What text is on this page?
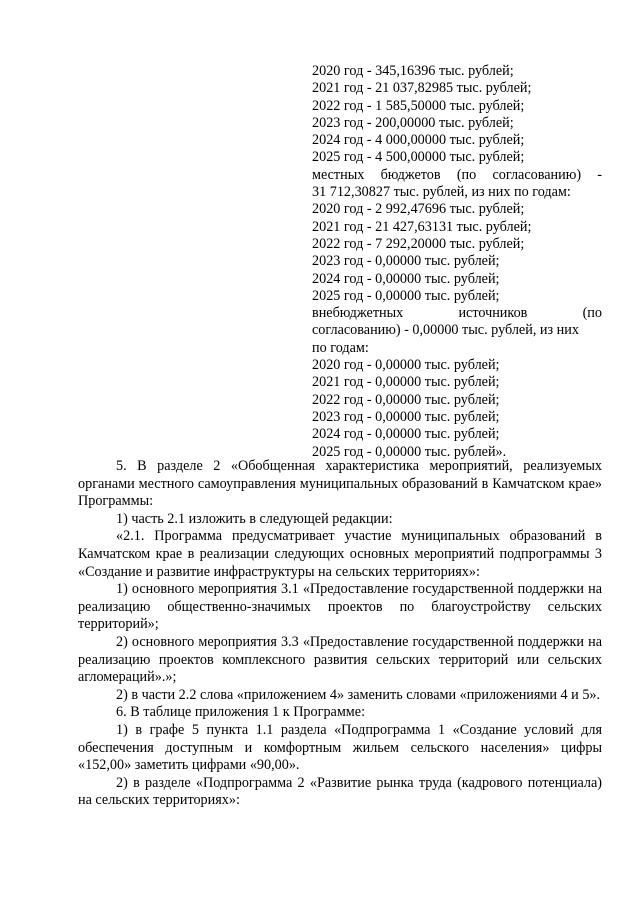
2020 год - 345,16396 тыс. рублей;
2021 год - 21 037,82985 тыс. рублей;
2022 год - 1 585,50000 тыс. рублей;
2023 год - 200,00000 тыс. рублей;
2024 год - 4 000,00000 тыс. рублей;
2025 год - 4 500,00000 тыс. рублей;
местных бюджетов (по согласованию) -
31 712,30827 тыс. рублей, из них по годам:
2020 год - 2 992,47696 тыс. рублей;
2021 год - 21 427,63131 тыс. рублей;
2022 год - 7 292,20000 тыс. рублей;
2023 год - 0,00000 тыс. рублей;
2024 год - 0,00000 тыс. рублей;
2025 год - 0,00000 тыс. рублей;
внебюджетных источников (по
согласованию) - 0,00000 тыс. рублей, из них
по годам:
2020 год - 0,00000 тыс. рублей;
2021 год - 0,00000 тыс. рублей;
2022 год - 0,00000 тыс. рублей;
2023 год - 0,00000 тыс. рублей;
2024 год - 0,00000 тыс. рублей;
2025 год - 0,00000 тыс. рублей».

5. В разделе 2 «Обобщенная характеристика мероприятий, реализуемых органами местного самоуправления муниципальных образований в Камчатском крае» Программы:

1) часть 2.1 изложить в следующей редакции:

«2.1. Программа предусматривает участие муниципальных образований в Камчатском крае в реализации следующих основных мероприятий подпрограммы 3 «Создание и развитие инфраструктуры на сельских территориях»:

1) основного мероприятия 3.1 «Предоставление государственной поддержки на реализацию общественно-значимых проектов по благоустройству сельских территорий»;

2) основного мероприятия 3.3 «Предоставление государственной поддержки на реализацию проектов комплексного развития сельских территорий или сельских агломераций».»;

2) в части 2.2 слова «приложением 4» заменить словами «приложениями 4 и 5».

6. В таблице приложения 1 к Программе:

1) в графе 5 пункта 1.1 раздела «Подпрограмма 1 «Создание условий для обеспечения доступным и комфортным жильем сельского населения» цифры «152,00» заметить цифрами «90,00».

2) в разделе «Подпрограмма 2 «Развитие рынка труда (кадрового потенциала) на сельских территориях»:
